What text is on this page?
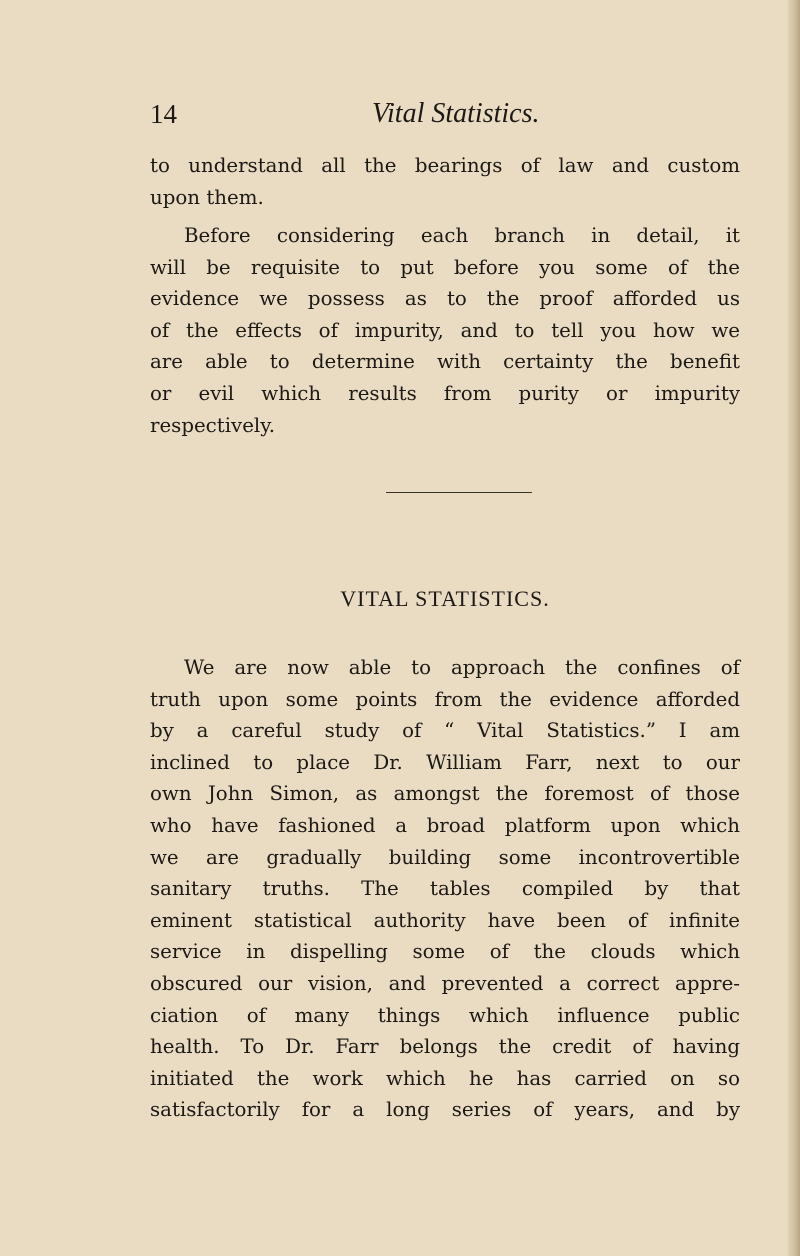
14	Vital Statistics.
to understand all the bearings of law and custom
upon them.
Before considering each branch in detail, it
will be requisite to put before you some of the
evidence we possess as to the proof afforded us
of the effects of impurity, and to tell you how we
are able to determine with certainty the benefit
or evil which results from purity or impurity
respectively.
VITAL STATISTICS.
We are now able to approach the confines of
truth upon some points from the evidence afforded
by a careful study of “ Vital Statistics.” I am
inclined to place Dr. William Farr, next to our
own John Simon, as amongst the foremost of those
who have fashioned a broad platform upon which
we are gradually building some incontrovertible
sanitary truths. The tables compiled by that
eminent statistical authority have been of infinite
service in dispelling some of the clouds which
obscured our vision, and prevented a correct appre-
ciation of many things which influence public
health. To Dr. Farr belongs the credit of having
initiated the work which he has carried on so
satisfactorily for a long series of years, and by
